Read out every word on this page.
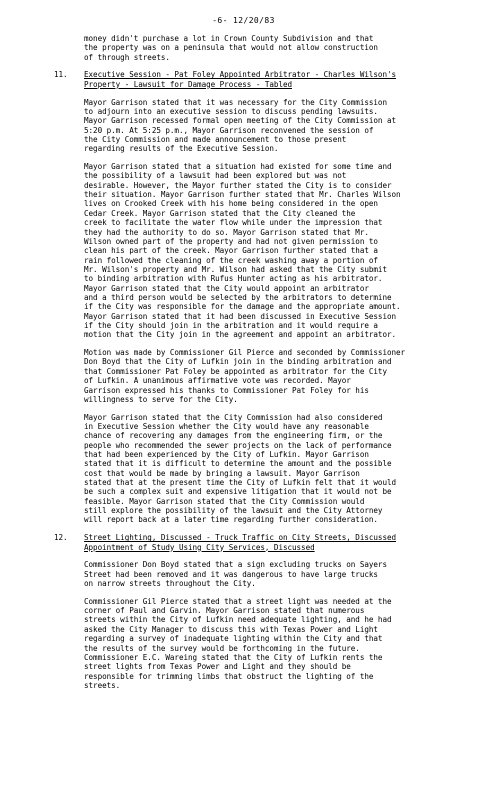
-6- 12/20/83
money didn't purchase a lot in Crown County Subdivision and that
the property was on a peninsula that would not allow construction
of through streets.
11. Executive Session - Pat Foley Appointed Arbitrator - Charles Wilson's
Property - Lawsuit for Damage Process - Tabled
Mayor Garrison stated that it was necessary for the City Commission
to adjourn into an executive session to discuss pending lawsuits.
Mayor Garrison recessed formal open meeting of the City Commission at
5:20 p.m. At 5:25 p.m., Mayor Garrison reconvened the session of
the City Commission and made announcement to those present
regarding results of the Executive Session.
Mayor Garrison stated that a situation had existed for some time and
the possibility of a lawsuit had been explored but was not
desirable. However, the Mayor further stated the City is to consider
their situation. Mayor Garrison further stated that Mr. Charles Wilson
lives on Crooked Creek with his home being considered in the open
Cedar Creek. Mayor Garrison stated that the City cleaned the
creek to facilitate the water flow while under the impression that
they had the authority to do so. Mayor Garrison stated that Mr.
Wilson owned part of the property and had not given permission to
clean his part of the creek. Mayor Garrison further stated that a
rain followed the cleaning of the creek washing away a portion of
Mr. Wilson's property and Mr. Wilson had asked that the City submit
to binding arbitration with Rufus Hunter acting as his arbitrator.
Mayor Garrison stated that the City would appoint an arbitrator
and a third person would be selected by the arbitrators to determine
if the City was responsible for the damage and the appropriate amount.
Mayor Garrison stated that it had been discussed in Executive Session
if the City should join in the arbitration and it would require a
motion that the City join in the agreement and appoint an arbitrator.
Motion was made by Commissioner Gil Pierce and seconded by Commissioner
Don Boyd that the City of Lufkin join in the binding arbitration and
that Commissioner Pat Foley be appointed as arbitrator for the City
of Lufkin. A unanimous affirmative vote was recorded. Mayor
Garrison expressed his thanks to Commissioner Pat Foley for his
willingness to serve for the City.
Mayor Garrison stated that the City Commission had also considered
in Executive Session whether the City would have any reasonable
chance of recovering any damages from the engineering firm, or the
people who recommended the sewer projects on the lack of performance
that had been experienced by the City of Lufkin. Mayor Garrison
stated that it is difficult to determine the amount and the possible
cost that would be made by bringing a lawsuit. Mayor Garrison
stated that at the present time the City of Lufkin felt that it would
be such a complex suit and expensive litigation that it would not be
feasible. Mayor Garrison stated that the City Commission would
still explore the possibility of the lawsuit and the City Attorney
will report back at a later time regarding further consideration.
12. Street Lighting, Discussed - Truck Traffic on City Streets, Discussed
Appointment of Study Using City Services, Discussed
Commissioner Don Boyd stated that a sign excluding trucks on Sayers
Street had been removed and it was dangerous to have large trucks
on narrow streets throughout the City.
Commissioner Gil Pierce stated that a street light was needed at the
corner of Paul and Garvin. Mayor Garrison stated that numerous
streets within the City of Lufkin need adequate lighting, and he had
asked the City Manager to discuss this with Texas Power and Light
regarding a survey of inadequate lighting within the City and that
the results of the survey would be forthcoming in the future.
Commissioner E.C. Wareing stated that the City of Lufkin rents the
street lights from Texas Power and Light and they should be
responsible for trimming limbs that obstruct the lighting of the
streets.
